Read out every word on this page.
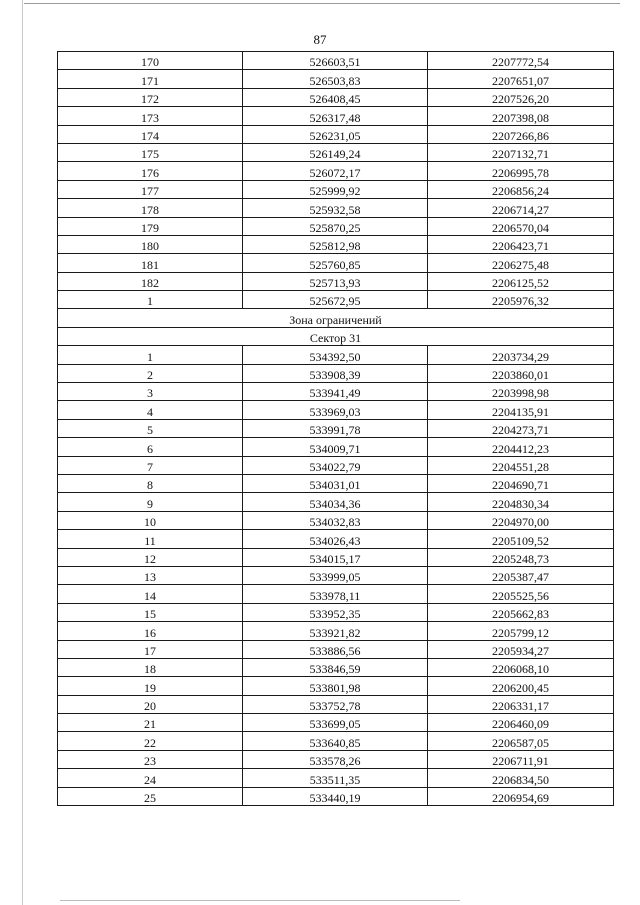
87
170	526603,51	2207772,54
171	526503,83	2207651,07
172	526408,45	2207526,20
173	526317,48	2207398,08
174	526231,05	2207266,86
175	526149,24	2207132,71
176	526072,17	2206995,78
177	525999,92	2206856,24
178	525932,58	2206714,27
179	525870,25	2206570,04
180	525812,98	2206423,71
181	525760,85	2206275,48
182	525713,93	2206125,52
1	525672,95	2205976,32
Зона ограничений		
Сектор 31		
1	534392,50	2203734,29
2	533908,39	2203860,01
3	533941,49	2203998,98
4	533969,03	2204135,91
5	533991,78	2204273,71
6	534009,71	2204412,23
7	534022,79	2204551,28
8	534031,01	2204690,71
9	534034,36	2204830,34
10	534032,83	2204970,00
11	534026,43	2205109,52
12	534015,17	2205248,73
13	533999,05	2205387,47
14	533978,11	2205525,56
15	533952,35	2205662,83
16	533921,82	2205799,12
17	533886,56	2205934,27
18	533846,59	2206068,10
19	533801,98	2206200,45
20	533752,78	2206331,17
21	533699,05	2206460,09
22	533640,85	2206587,05
23	533578,26	2206711,91
24	533511,35	2206834,50
25	533440,19	2206954,69
